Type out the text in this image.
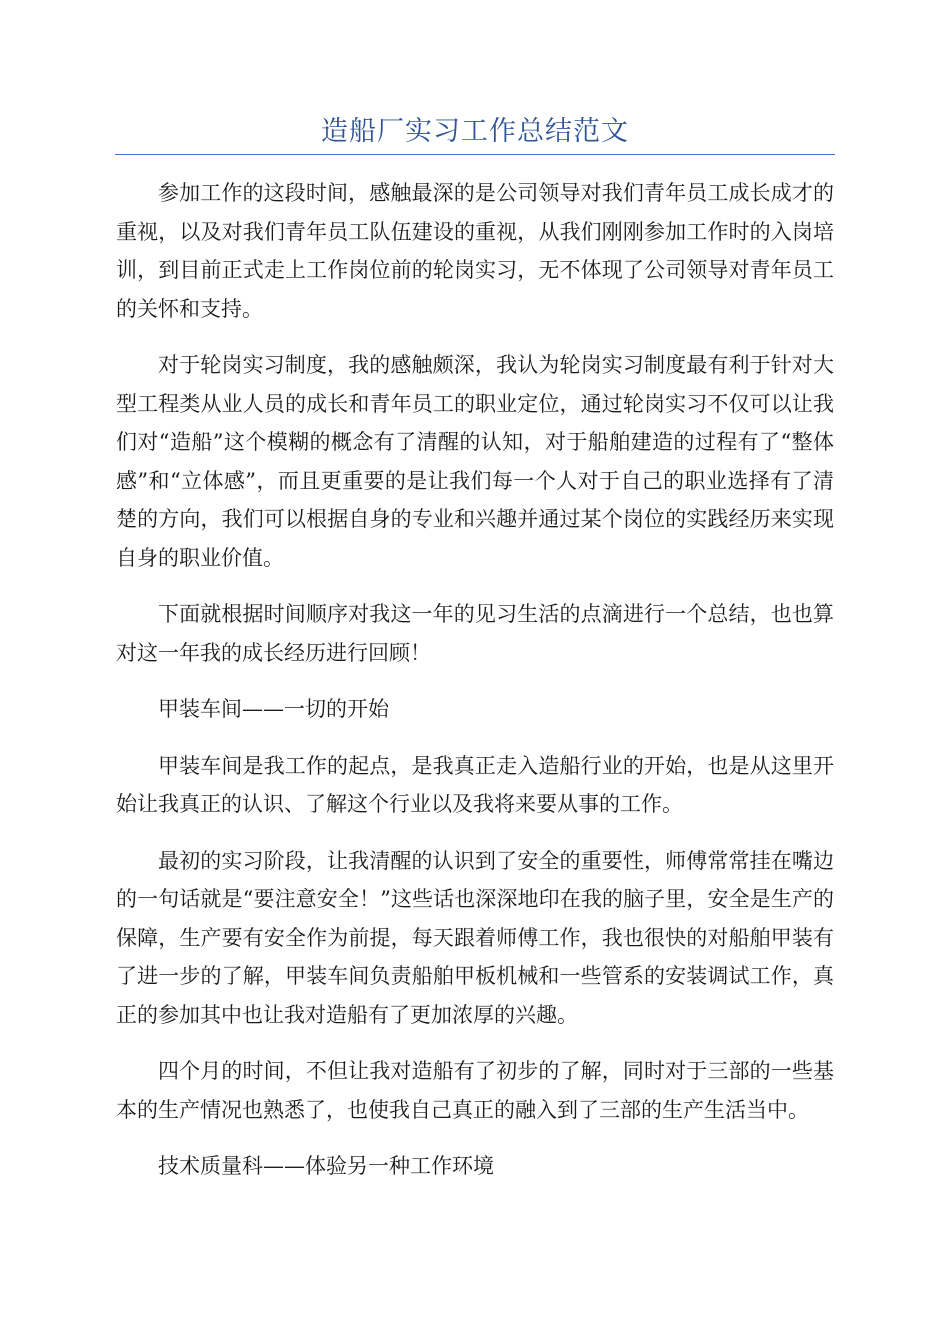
造船厂实习工作总结范文

参加工作的这段时间，感触最深的是公司领导对我们青年员工成长成才的重视，以及对我们青年员工队伍建设的重视，从我们刚刚参加工作时的入岗培训，到目前正式走上工作岗位前的轮岗实习，无不体现了公司领导对青年员工的关怀和支持。

对于轮岗实习制度，我的感触颇深，我认为轮岗实习制度最有利于针对大型工程类从业人员的成长和青年员工的职业定位，通过轮岗实习不仅可以让我们对“造船”这个模糊的概念有了清醒的认知，对于船舶建造的过程有了“整体感”和“立体感”，而且更重要的是让我们每一个人对于自己的职业选择有了清楚的方向，我们可以根据自身的专业和兴趣并通过某个岗位的实践经历来实现自身的职业价值。

下面就根据时间顺序对我这一年的见习生活的点滴进行一个总结，也也算对这一年我的成长经历进行回顾！

甲装车间——一切的开始

甲装车间是我工作的起点，是我真正走入造船行业的开始，也是从这里开始让我真正的认识、了解这个行业以及我将来要从事的工作。

最初的实习阶段，让我清醒的认识到了安全的重要性，师傅常常挂在嘴边的一句话就是“要注意安全！”这些话也深深地印在我的脑子里，安全是生产的保障，生产要有安全作为前提，每天跟着师傅工作，我也很快的对船舶甲装有了进一步的了解，甲装车间负责船舶甲板机械和一些管系的安装调试工作，真正的参加其中也让我对造船有了更加浓厚的兴趣。

四个月的时间，不但让我对造船有了初步的了解，同时对于三部的一些基本的生产情况也熟悉了，也使我自己真正的融入到了三部的生产生活当中。

技术质量科——体验另一种工作环境
